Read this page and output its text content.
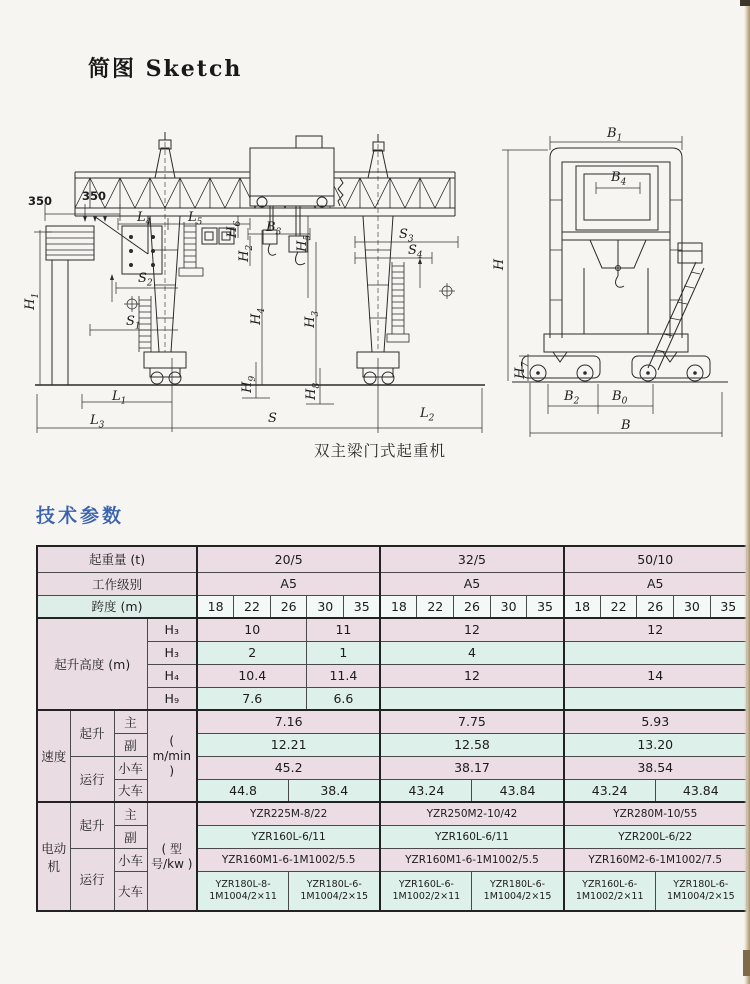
简图 Sketch
350	350
$L_4$	$L_5$	$B_3$
$H_6$
$H_2$	$H_5$	$S_3$
$S_4$
$S_2$
$S_1$
$H_1$
$H_4$
$H_3$
$H_9$
$H_8$
$L_1$
$L_3$	S	$L_2$
$B_1$
$B_4$
H
$H_7$
$B_2$	$B_0$
B
双主梁门式起重机
技术参数
起重量 (t)				20/5						32/5						50/10					
工作级别				A5						A5						A5					
跨度 (m)				18	22	26		30	35	18	22	26		30	35	18	22	26		30	35
起升高度 (m)			H₃	10				11		12						12					
			H₃	2				1		4											
			H₄	10.4				11.4		12						14					
			H₉	7.6				6.6													
速度	起升	主	( m/min )	7.16						7.75						5.93					
		副		12.21						12.58						13.20					
	运行	小车		45.2						38.17						38.54					
		大车		44.8			38.4			43.24			43.84			43.24			43.84		
电动机	起升	主	( 型号/kw )	YZR225M-8/22						YZR250M2-10/42						YZR280M-10/55					
		副		YZR160L-6/11						YZR160L-6/11						YZR200L-6/22					
	运行	小车		YZR160M1-6-1M1002/5.5						YZR160M1-6-1M1002/5.5						YZR160M2-6-1M1002/7.5					
		大车		YZR180L-8-1M1004/2×11			YZR180L-6-1M1004/2×15			YZR160L-6-1M1002/2×11			YZR180L-6-1M1004/2×15			YZR160L-6-1M1002/2×11			YZR180L-6-1M1004/2×15		
